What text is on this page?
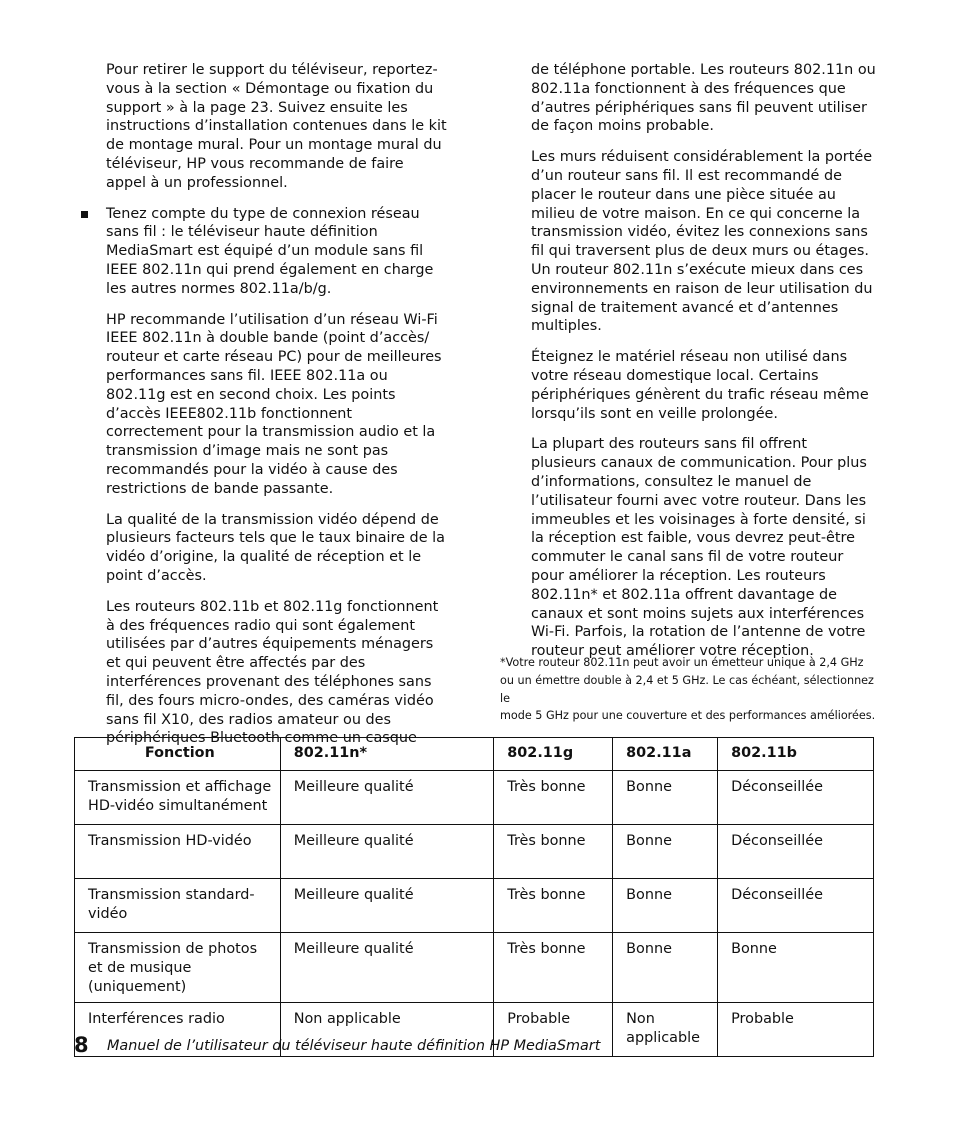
Pour retirer le support du téléviseur, reportez-vous à la section « Démontage ou fixation du support » à la page 23. Suivez ensuite les instructions d’installation contenues dans le kit de montage mural. Pour un montage mural du téléviseur, HP vous recommande de faire appel à un professionnel.

Tenez compte du type de connexion réseau sans fil : le téléviseur haute définition MediaSmart est équipé d’un module sans fil IEEE 802.11n qui prend également en charge les autres normes 802.11a/b/g.

HP recommande l’utilisation d’un réseau Wi-Fi IEEE 802.11n à double bande (point d’accès/ routeur et carte réseau PC) pour de meilleures performances sans fil. IEEE 802.11a ou 802.11g est en second choix. Les points d’accès IEEE802.11b fonctionnent correctement pour la transmission audio et la transmission d’image mais ne sont pas recommandés pour la vidéo à cause des restrictions de bande passante.

La qualité de la transmission vidéo dépend de plusieurs facteurs tels que le taux binaire de la vidéo d’origine, la qualité de réception et le point d’accès.

Les routeurs 802.11b et 802.11g fonctionnent à des fréquences radio qui sont également utilisées par d’autres équipements ménagers et qui peuvent être affectés par des interférences provenant des téléphones sans fil, des fours micro-ondes, des caméras vidéo sans fil X10, des radios amateur ou des périphériques Bluetooth comme un casque

de téléphone portable. Les routeurs 802.11n ou 802.11a fonctionnent à des fréquences que d’autres périphériques sans fil peuvent utiliser de façon moins probable.

Les murs réduisent considérablement la portée d’un routeur sans fil. Il est recommandé de placer le routeur dans une pièce située au milieu de votre maison. En ce qui concerne la transmission vidéo, évitez les connexions sans fil qui traversent plus de deux murs ou étages. Un routeur 802.11n s’exécute mieux dans ces environnements en raison de leur utilisation du signal de traitement avancé et d’antennes multiples.

Éteignez le matériel réseau non utilisé dans votre réseau domestique local. Certains périphériques génèrent du trafic réseau même lorsqu’ils sont en veille prolongée.

La plupart des routeurs sans fil offrent plusieurs canaux de communication. Pour plus d’informations, consultez le manuel de l’utilisateur fourni avec votre routeur. Dans les immeubles et les voisinages à forte densité, si la réception est faible, vous devrez peut-être commuter le canal sans fil de votre routeur pour améliorer la réception. Les routeurs 802.11n* et 802.11a offrent davantage de canaux et sont moins sujets aux interférences Wi-Fi. Parfois, la rotation de l’antenne de votre routeur peut améliorer votre réception.

*Votre routeur 802.11n peut avoir un émetteur unique à 2,4 GHz

ou un émettre double à 2,4 et 5 GHz. Le cas échéant, sélectionnez le

mode 5 GHz pour une couverture et des performances améliorées.

Fonction	802.11n*	802.11g	802.11a	802.11b
Transmission et affichage HD-vidéo simultanément	Meilleure qualité	Très bonne	Bonne	Déconseillée
Transmission HD-vidéo	Meilleure qualité	Très bonne	Bonne	Déconseillée
Transmission standard-vidéo	Meilleure qualité	Très bonne	Bonne	Déconseillée
Transmission de photos et de musique (uniquement)	Meilleure qualité	Très bonne	Bonne	Bonne
Interférences radio	Non applicable	Probable	Non applicable	Probable
8 Manuel de l’utilisateur du téléviseur haute définition HP MediaSmart
